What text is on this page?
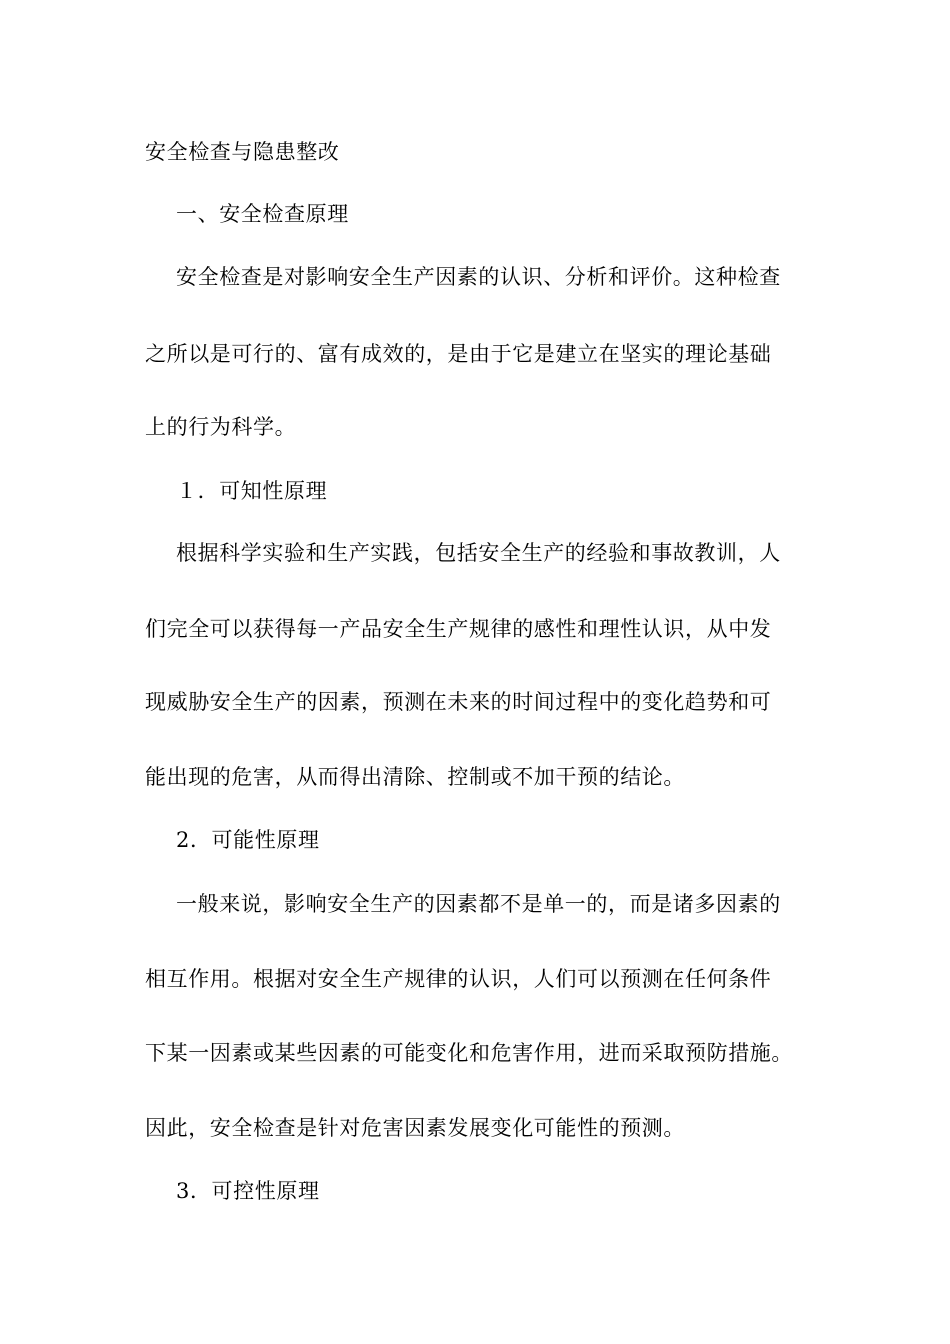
安全检查与隐患整改

一、安全检查原理

安全检查是对影响安全生产因素的认识、分析和评价。这种检查

之所以是可行的、富有成效的，是由于它是建立在坚实的理论基础

上的行为科学。

１．可知性原理

根据科学实验和生产实践，包括安全生产的经验和事故教训，人

们完全可以获得每一产品安全生产规律的感性和理性认识，从中发

现威胁安全生产的因素，预测在未来的时间过程中的变化趋势和可

能出现的危害，从而得出清除、控制或不加干预的结论。

2．可能性原理

一般来说，影响安全生产的因素都不是单一的，而是诸多因素的

相互作用。根据对安全生产规律的认识，人们可以预测在任何条件

下某一因素或某些因素的可能变化和危害作用，进而采取预防措施。

因此，安全检查是针对危害因素发展变化可能性的预测。

3．可控性原理
